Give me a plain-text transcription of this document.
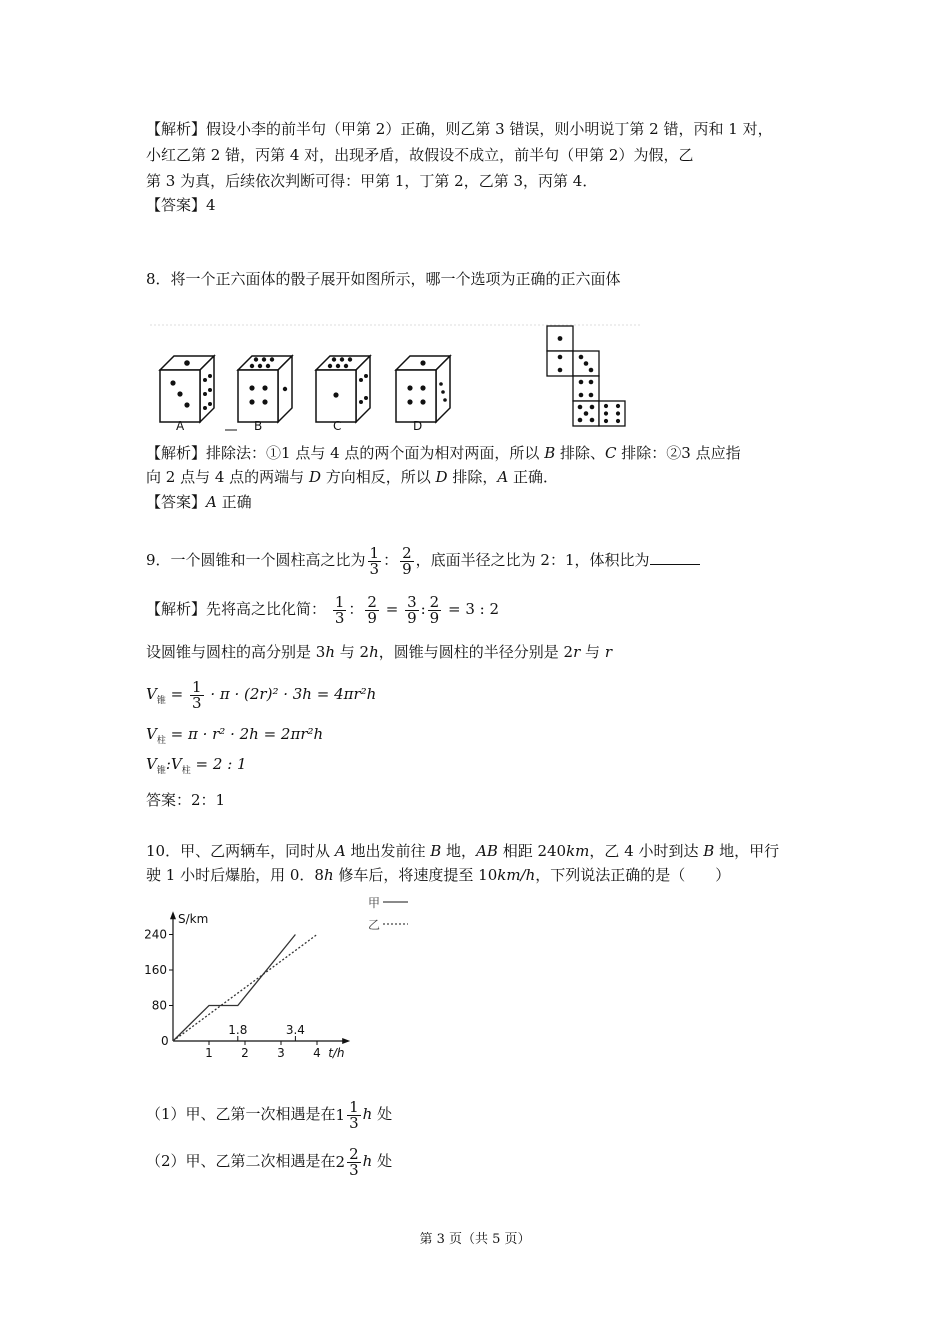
【解析】假设小李的前半句（甲第 2）正确，则乙第 3 错误，则小明说丁第 2 错，丙和 1 对，
小红乙第 2 错，丙第 4 对，出现矛盾，故假设不成立，前半句（甲第 2）为假，乙
第 3 为真，后续依次判断可得：甲第 1，丁第 2，乙第 3，丙第 4．
【答案】4
8．将一个正六面体的骰子展开如图所示，哪一个选项为正确的正六面体
A	B	C	D
【解析】排除法：①1 点与 4 点的两个面为相对两面，所以 B 排除、C 排除：②3 点应指
向 2 点与 4 点的两端与 D 方向相反，所以 D 排除，A 正确．
【答案】A 正确
9．一个圆锥和一个圆柱高之比为 $\frac{1}{3}$ ： $\frac{2}{9}$ ，底面半径之比为 2：1，体积比为
【解析】先将高之比化简： $\frac{1}{3}$ ： $\frac{2}{9} = \frac{3}{9}$ : $\frac{2}{9} = 3$ : 2
设圆锥与圆柱的高分别是 3h 与 2h，圆锥与圆柱的半径分别是 2r 与 r
$V_锥 = \frac{1}{3} \cdot \pi \cdot (2r)^2 \cdot 3h = 4\pi r^2h$
$V_柱 = \pi \cdot r^2 \cdot 2h = 2\pi r^2h$
$V_锥:V_柱 = 2$ : 1
答案：2：1
10．甲、乙两辆车，同时从 A 地出发前往 B 地，AB 相距 240km，乙 4 小时到达 B 地，甲行
驶 1 小时后爆胎，用 0．8h 修车后，将速度提至 10km/h，下列说法正确的是（　　）
S/km
t/h
0
80
160
240
1 2 3 4
1.8	3.4
甲
乙
（1）甲、乙第一次相遇是在$1 \frac{1}{3}$ h 处
（2）甲、乙第二次相遇是在$2 \frac{2}{3}$ h 处
第 3 页（共 5 页）
